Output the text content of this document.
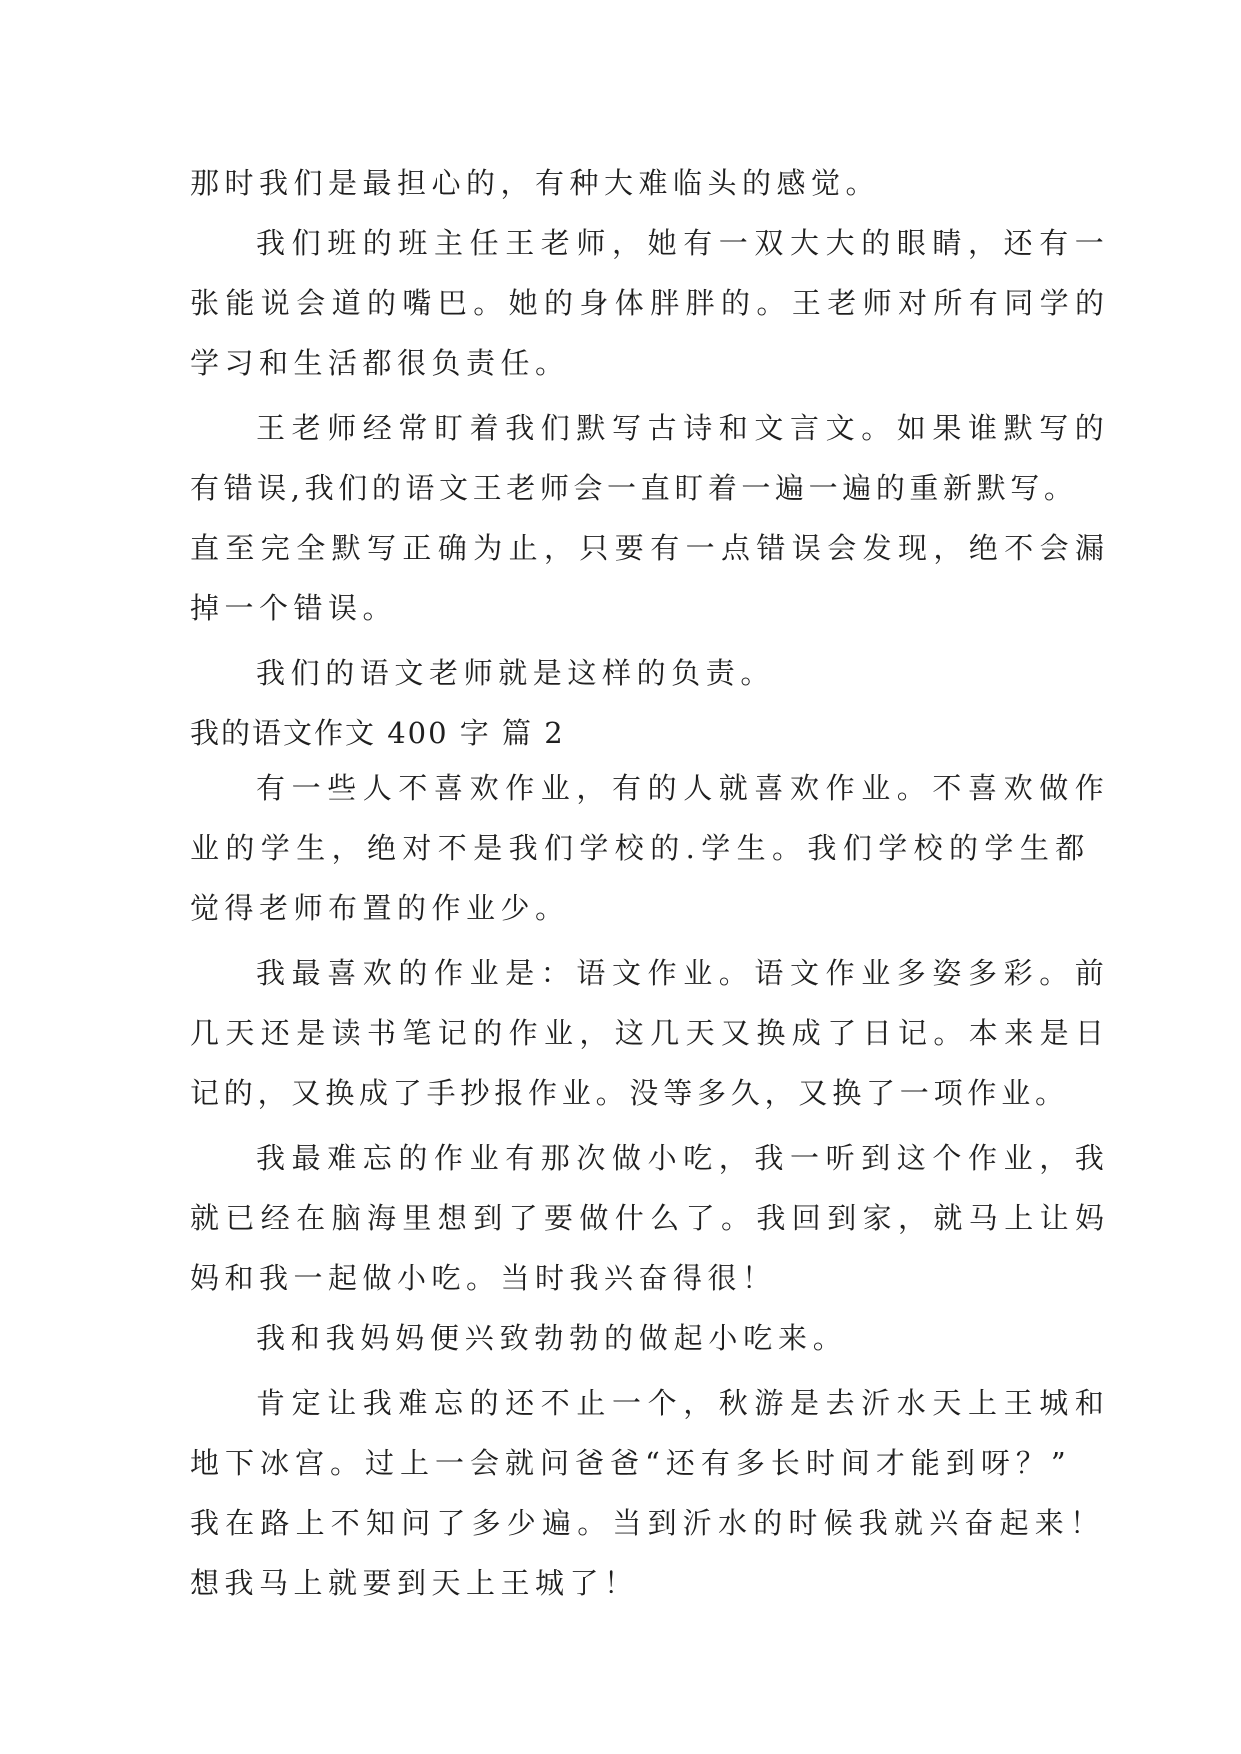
那时我们是最担心的，有种大难临头的感觉。
我们班的班主任王老师，她有一双大大的眼睛，还有一
张能说会道的嘴巴。她的身体胖胖的。王老师对所有同学的
学习和生活都很负责任。
王老师经常盯着我们默写古诗和文言文。如果谁默写的
有错误,我们的语文王老师会一直盯着一遍一遍的重新默写。
直至完全默写正确为止，只要有一点错误会发现，绝不会漏
掉一个错误。
我们的语文老师就是这样的负责。
我的语文作文 400 字 篇 2
有一些人不喜欢作业，有的人就喜欢作业。不喜欢做作
业的学生，绝对不是我们学校的.学生。我们学校的学生都
觉得老师布置的作业少。
我最喜欢的作业是：语文作业。语文作业多姿多彩。前
几天还是读书笔记的作业，这几天又换成了日记。本来是日
记的，又换成了手抄报作业。没等多久，又换了一项作业。
我最难忘的作业有那次做小吃，我一听到这个作业，我
就已经在脑海里想到了要做什么了。我回到家，就马上让妈
妈和我一起做小吃。当时我兴奋得很！
我和我妈妈便兴致勃勃的做起小吃来。
肯定让我难忘的还不止一个，秋游是去沂水天上王城和
地下冰宫。过上一会就问爸爸“还有多长时间才能到呀？”
我在路上不知问了多少遍。当到沂水的时候我就兴奋起来！
想我马上就要到天上王城了！
